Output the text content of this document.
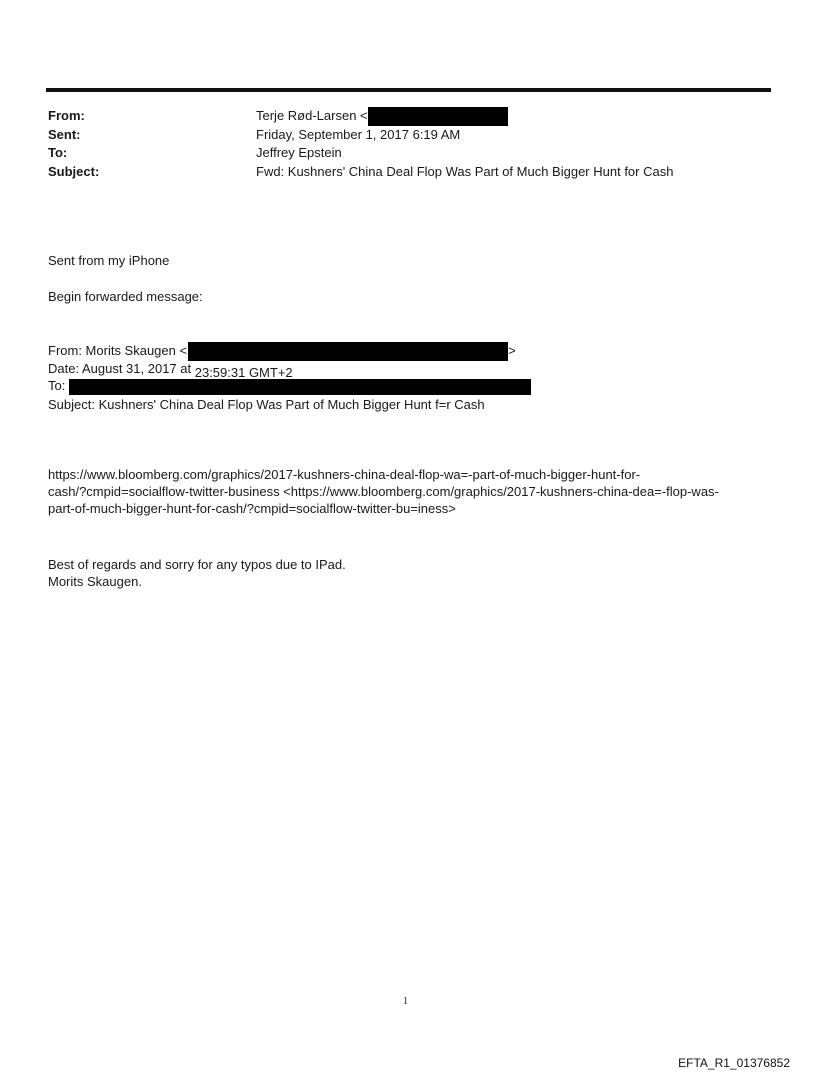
From:	Terje Rød-Larsen <
Sent:	Friday, September 1, 2017 6:19 AM
To:	Jeffrey Epstein
Subject:	Fwd: Kushners' China Deal Flop Was Part of Much Bigger Hunt for Cash
Sent from my iPhone
Begin forwarded message:
From: Morits Skaugen <	>
Date: August 31, 2017 at 23:59:31 GMT+2
To:
Subject: Kushners' China Deal Flop Was Part of Much Bigger Hunt f=r Cash
https://www.bloomberg.com/graphics/2017-kushners-china-deal-flop-wa=-part-of-much-bigger-hunt-for-
cash/?cmpid=socialflow-twitter-business <https://www.bloomberg.com/graphics/2017-kushners-china-dea=-flop-was-
part-of-much-bigger-hunt-for-cash/?cmpid=socialflow-twitter-bu=iness>
Best of regards and sorry for any typos due to IPad.
Morits Skaugen.
1
EFTA_R1_01376852
